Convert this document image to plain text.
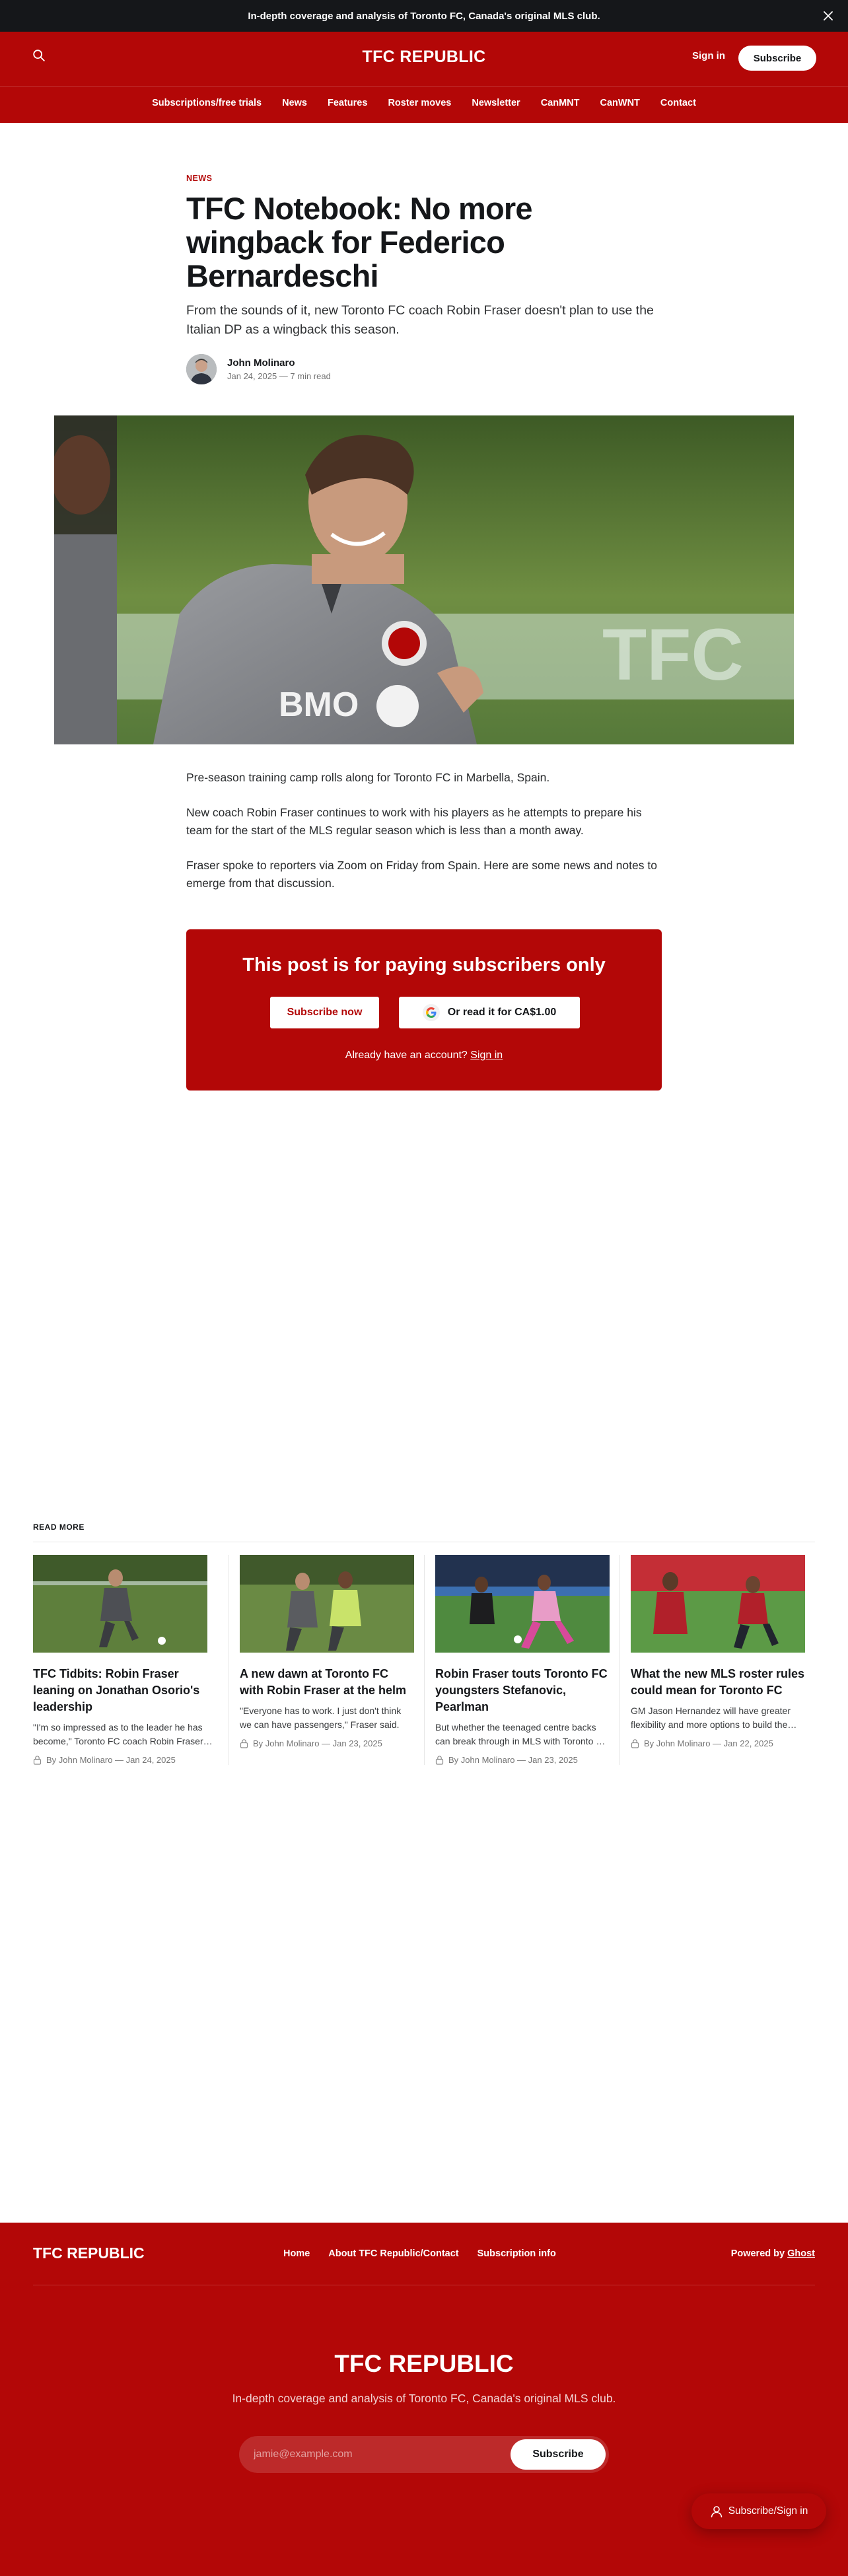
In-depth coverage and analysis of Toronto FC, Canada's original MLS club.
TFC REPUBLIC	Sign in	Subscribe
Subscriptions/free trials News Features Roster moves Newsletter CanMNT CanWNT Contact
NEWS
TFC Notebook: No more wingback for Federico Bernardeschi

From the sounds of it, new Toronto FC coach Robin Fraser doesn't plan to use the Italian DP as a wingback this season.

John Molinaro
Jan 24, 2025 — 7 min read
TFC
BMO

Pre-season training camp rolls along for Toronto FC in Marbella, Spain.

New coach Robin Fraser continues to work with his players as he attempts to prepare his team for the start of the MLS regular season which is less than a month away.

Fraser spoke to reporters via Zoom on Friday from Spain. Here are some news and notes to emerge from that discussion.

This post is for paying subscribers only
Subscribe now	Or read it for CA$1.00
Already have an account? Sign in
READ MORE
TFC Tidbits: Robin Fraser leaning on Jonathan Osorio's leadership

"I'm so impressed as to the leader he has become," Toronto FC coach Robin Fraser

By John Molinaro — Jan 24, 2025
A new dawn at Toronto FC with Robin Fraser at the helm

"Everyone has to work. I just don't think we can have passengers," Fraser said.

By John Molinaro — Jan 23, 2025
Robin Fraser touts Toronto FC youngsters Stefanovic, Pearlman

But whether the teenaged centre backs can break through in MLS with Toronto FC

By John Molinaro — Jan 23, 2025
What the new MLS roster rules could mean for Toronto FC

GM Jason Hernandez will have greater flexibility and more options to build the

By John Molinaro — Jan 22, 2025
TFC REPUBLIC	Home About TFC Republic/Contact Subscription info	Powered by Ghost
TFC REPUBLIC
In-depth coverage and analysis of Toronto FC, Canada's original MLS club.
jamie@example.com
Subscribe
Subscribe/Sign in
